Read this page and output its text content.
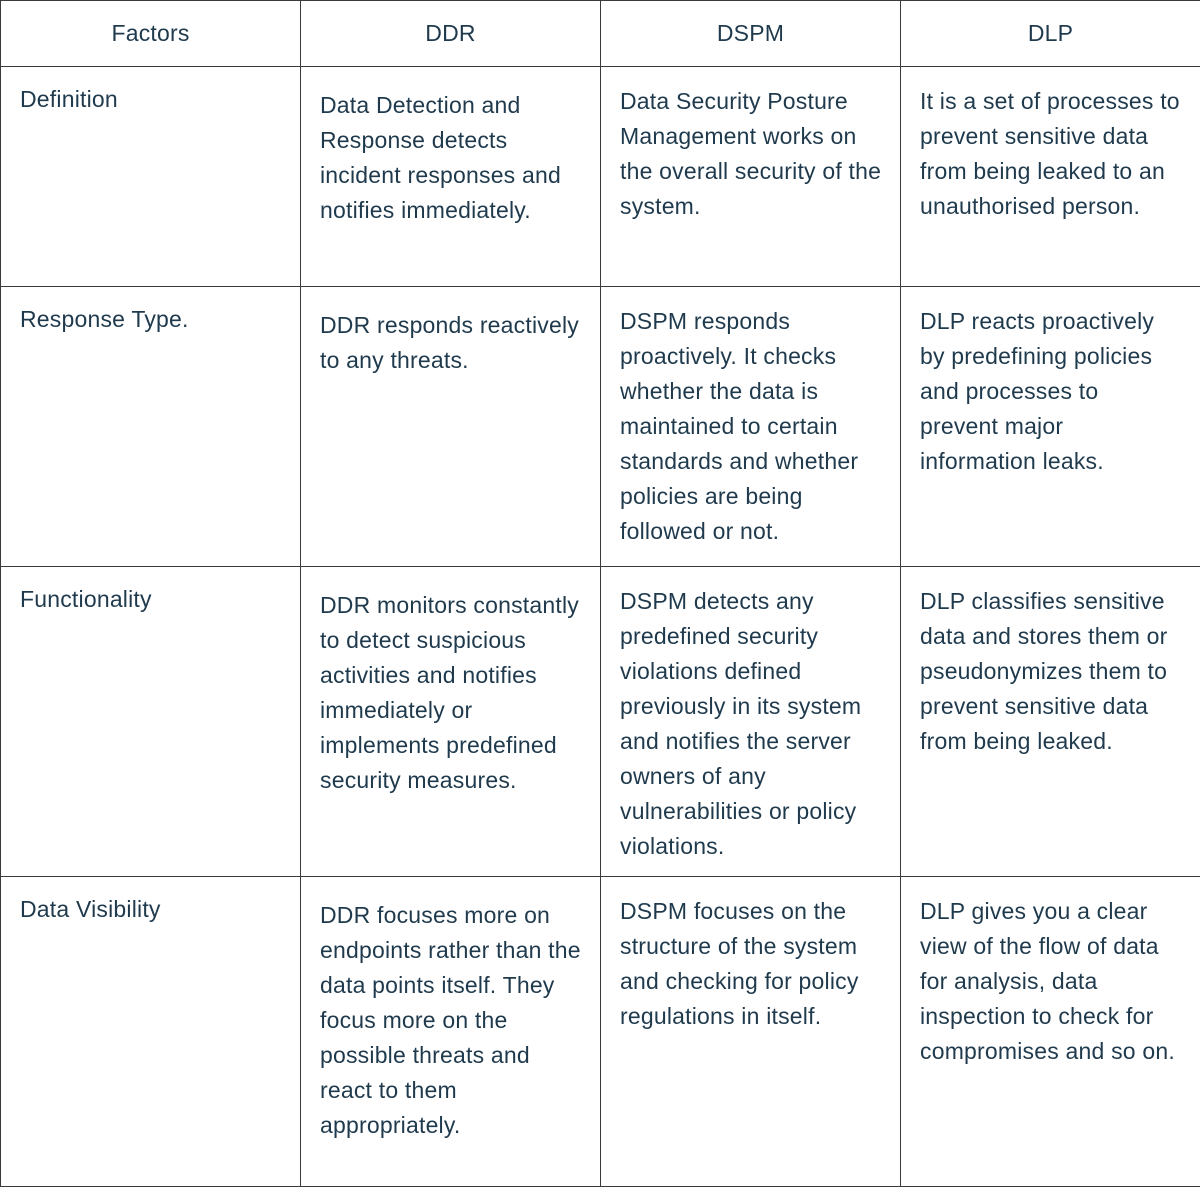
Factors	DDR	DSPM	DLP
Definition	Data Detection and Response detects incident responses and notifies immediately.	Data Security Posture Management works on the overall security of the system.	It is a set of processes to prevent sensitive data from being leaked to an unauthorised person.
Response Type.	DDR responds reactively to any threats.	DSPM responds proactively. It checks whether the data is maintained to certain standards and whether policies are being followed or not.	DLP reacts proactively by predefining policies and processes to prevent major information leaks.
Functionality	DDR monitors constantly to detect suspicious activities and notifies immediately or implements predefined security measures.	DSPM detects any predefined security violations defined previously in its system and notifies the server owners of any vulnerabilities or policy violations.	DLP classifies sensitive data and stores them or pseudonymizes them to prevent sensitive data from being leaked.
Data Visibility	DDR focuses more on endpoints rather than the data points itself. They focus more on the possible threats and react to them appropriately.	DSPM focuses on the structure of the system and checking for policy regulations in itself.	DLP gives you a clear view of the flow of data for analysis, data inspection to check for compromises and so on.
